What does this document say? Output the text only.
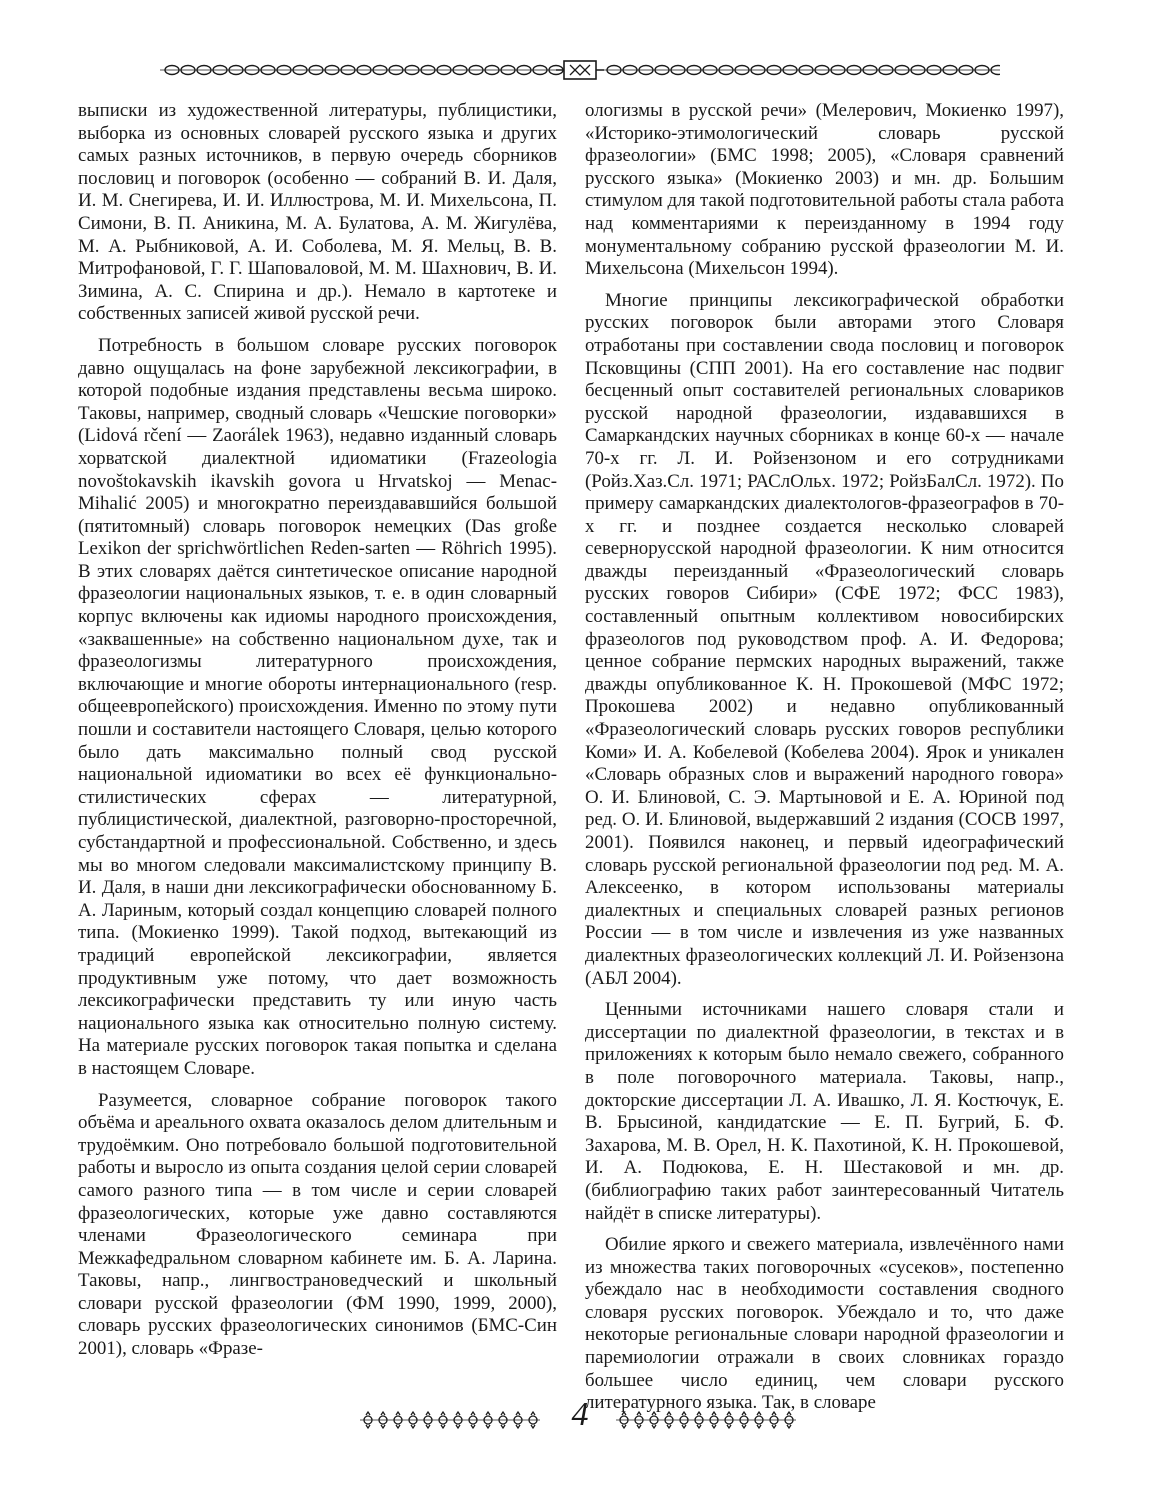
выписки из художественной литературы, публицистики, выборка из основных словарей русского языка и других самых разных источников, в первую очередь сборников пословиц и поговорок (особенно — собраний В. И. Даля, И. М. Снегирева, И. И. Иллюстрова, М. И. Михельсона, П. Симони, В. П. Аникина, М. А. Булатова, А. М. Жигулёва, М. А. Рыбниковой, А. И. Соболева, М. Я. Мельц, В. В. Митрофановой, Г. Г. Шаповаловой, М. М. Шахнович, В. И. Зимина, А. С. Спирина и др.). Немало в картотеке и собственных записей живой русской речи.

Потребность в большом словаре русских поговорок давно ощущалась на фоне зарубежной лексикографии, в которой подобные издания представлены весьма широко. Таковы, например, сводный словарь «Чешские поговорки» (Lidová rčení — Zaorálek 1963), недавно изданный словарь хорватской диалектной идиоматики (Frazeologia novoštokavskih ikavskih govora u Hrvatskoj — Menac-Mihalić 2005) и многократно переиздававшийся большой (пятитомный) словарь поговорок немецких (Das große Lexikon der sprichwörtlichen Reden-sarten — Röhrich 1995). В этих словарях даётся синтетическое описание народной фразеологии национальных языков, т. е. в один словарный корпус включены как идиомы народного происхождения, «заквашенные» на собственно национальном духе, так и фразеологизмы литературного происхождения, включающие и многие обороты интернационального (resp. общеевропейского) происхождения. Именно по этому пути пошли и составители настоящего Словаря, целью которого было дать максимально полный свод русской национальной идиоматики во всех её функционально-стилистических сферах — литературной, публицистической, диалектной, разговорно-просторечной, субстандартной и профессиональной. Собственно, и здесь мы во многом следовали максималистскому принципу В. И. Даля, в наши дни лексикографически обоснованному Б. А. Лариным, который создал концепцию словарей полного типа. (Мокиенко 1999). Такой подход, вытекающий из традиций европейской лексикографии, является продуктивным уже потому, что дает возможность лексикографически представить ту или иную часть национального языка как относительно полную систему. На материале русских поговорок такая попытка и сделана в настоящем Словаре.

Разумеется, словарное собрание поговорок такого объёма и ареального охвата оказалось делом длительным и трудоёмким. Оно потребовало большой подготовительной работы и выросло из опыта создания целой серии словарей самого разного типа — в том числе и серии словарей фразеологических, которые уже давно составляются членами Фразеологического семинара при Межкафедральном словарном кабинете им. Б. А. Ларина. Таковы, напр., лингвострановедческий и школьный словари русской фразеологии (ФМ 1990, 1999, 2000), словарь русских фразеологических синонимов (БМС-Син 2001), словарь «Фразе-

ологизмы в русской речи» (Мелерович, Мокиенко 1997), «Историко-этимологический словарь русской фразеологии» (БМС 1998; 2005), «Словаря сравнений русского языка» (Мокиенко 2003) и мн. др. Большим стимулом для такой подготовительной работы стала работа над комментариями к переизданному в 1994 году монументальному собранию русской фразеологии М. И. Михельсона (Михельсон 1994).

Многие принципы лексикографической обработки русских поговорок были авторами этого Словаря отработаны при составлении свода пословиц и поговорок Псковщины (СПП 2001). На его составление нас подвиг бесценный опыт составителей региональных словариков русской народной фразеологии, издававшихся в Самаркандских научных сборниках в конце 60-х — начале 70-х гг. Л. И. Ройзензоном и его сотрудниками (Ройз.Хаз.Сл. 1971; РАСлОльх. 1972; РойзБалСл. 1972). По примеру самаркандских диалектологов-фразеографов в 70-х гг. и позднее создается несколько словарей севернорусской народной фразеологии. К ним относится дважды переизданный «Фразеологический словарь русских говоров Сибири» (СФЕ 1972; ФСС 1983), составленный опытным коллективом новосибирских фразеологов под руководством проф. А. И. Федорова; ценное собрание пермских народных выражений, также дважды опубликованное К. Н. Прокошевой (МФС 1972; Прокошева 2002) и недавно опубликованный «Фразеологический словарь русских говоров республики Коми» И. А. Кобелевой (Кобелева 2004). Ярок и уникален «Словарь образных слов и выражений народного говора» О. И. Блиновой, С. Э. Мартыновой и Е. А. Юриной под ред. О. И. Блиновой, выдержавший 2 издания (СОСВ 1997, 2001). Появился наконец, и первый идеографический словарь русской региональной фразеологии под ред. М. А. Алексеенко, в котором использованы материалы диалектных и специальных словарей разных регионов России — в том числе и извлечения из уже названных диалектных фразеологических коллекций Л. И. Ройзензона (АБЛ 2004).

Ценными источниками нашего словаря стали и диссертации по диалектной фразеологии, в текстах и в приложениях к которым было немало свежего, собранного в поле поговорочного материала. Таковы, напр., докторские диссертации Л. А. Ивашко, Л. Я. Костючук, Е. В. Брысиной, кандидатские — Е. П. Бугрий, Б. Ф. Захарова, М. В. Орел, Н. К. Пахотиной, К. Н. Прокошевой, И. А. Подюкова, Е. Н. Шестаковой и мн. др. (библиографию таких работ заинтересованный Читатель найдёт в списке литературы).

Обилие яркого и свежего материала, извлечённого нами из множества таких поговорочных «сусеков», постепенно убеждало нас в необходимости составления сводного словаря русских поговорок. Убеждало и то, что даже некоторые региональные словари народной фразеологии и паремиологии отражали в своих словниках гораздо большее число единиц, чем словари русского литературного языка. Так, в словаре

4
